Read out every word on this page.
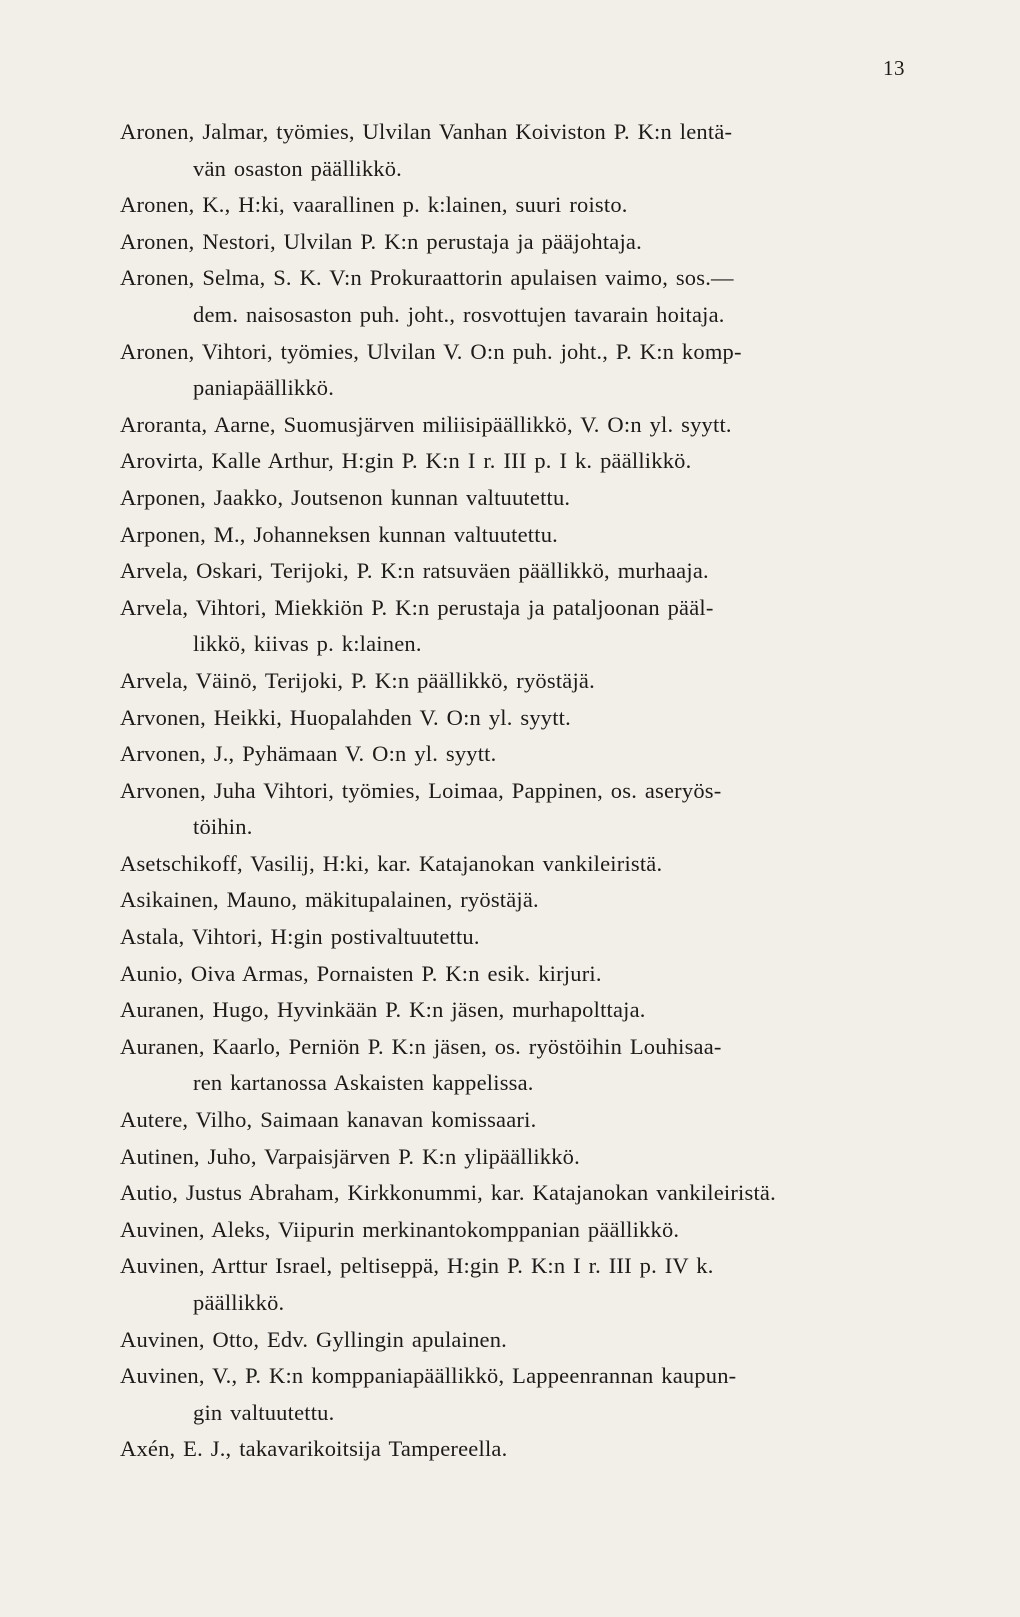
13
Aronen, Jalmar, työmies, Ulvilan Vanhan Koiviston P. K:n lentä-
vän osaston päällikkö.
Aronen, K., H:ki, vaarallinen p. k:lainen, suuri roisto.
Aronen, Nestori, Ulvilan P. K:n perustaja ja pääjohtaja.
Aronen, Selma, S. K. V:n Prokuraattorin apulaisen vaimo, sos.—
dem. naisosaston puh. joht., rosvottujen tavarain hoitaja.
Aronen, Vihtori, työmies, Ulvilan V. O:n puh. joht., P. K:n komp-
paniapäällikkö.
Aroranta, Aarne, Suomusjärven miliisipäällikkö, V. O:n yl. syytt.
Arovirta, Kalle Arthur, H:gin P. K:n I r. III p. I k. päällikkö.
Arponen, Jaakko, Joutsenon kunnan valtuutettu.
Arponen, M., Johanneksen kunnan valtuutettu.
Arvela, Oskari, Terijoki, P. K:n ratsuväen päällikkö, murhaaja.
Arvela, Vihtori, Miekkiön P. K:n perustaja ja pataljoonan pääl-
likkö, kiivas p. k:lainen.
Arvela, Väinö, Terijoki, P. K:n päällikkö, ryöstäjä.
Arvonen, Heikki, Huopalahden V. O:n yl. syytt.
Arvonen, J., Pyhämaan V. O:n yl. syytt.
Arvonen, Juha Vihtori, työmies, Loimaa, Pappinen, os. aseryös-
töihin.
Asetschikoff, Vasilij, H:ki, kar. Katajanokan vankileiristä.
Asikainen, Mauno, mäkitupalainen, ryöstäjä.
Astala, Vihtori, H:gin postivaltuutettu.
Aunio, Oiva Armas, Pornaisten P. K:n esik. kirjuri.
Auranen, Hugo, Hyvinkään P. K:n jäsen, murhapolttaja.
Auranen, Kaarlo, Perniön P. K:n jäsen, os. ryöstöihin Louhisaa-
ren kartanossa Askaisten kappelissa.
Autere, Vilho, Saimaan kanavan komissaari.
Autinen, Juho, Varpaisjärven P. K:n ylipäällikkö.
Autio, Justus Abraham, Kirkkonummi, kar. Katajanokan vankileiristä.
Auvinen, Aleks, Viipurin merkinantokomppanian päällikkö.
Auvinen, Arttur Israel, peltiseppä, H:gin P. K:n I r. III p. IV k.
päällikkö.
Auvinen, Otto, Edv. Gyllingin apulainen.
Auvinen, V., P. K:n komppaniapäällikkö, Lappeenrannan kaupun-
gin valtuutettu.
Axén, E. J., takavarikoitsija Tampereella.
